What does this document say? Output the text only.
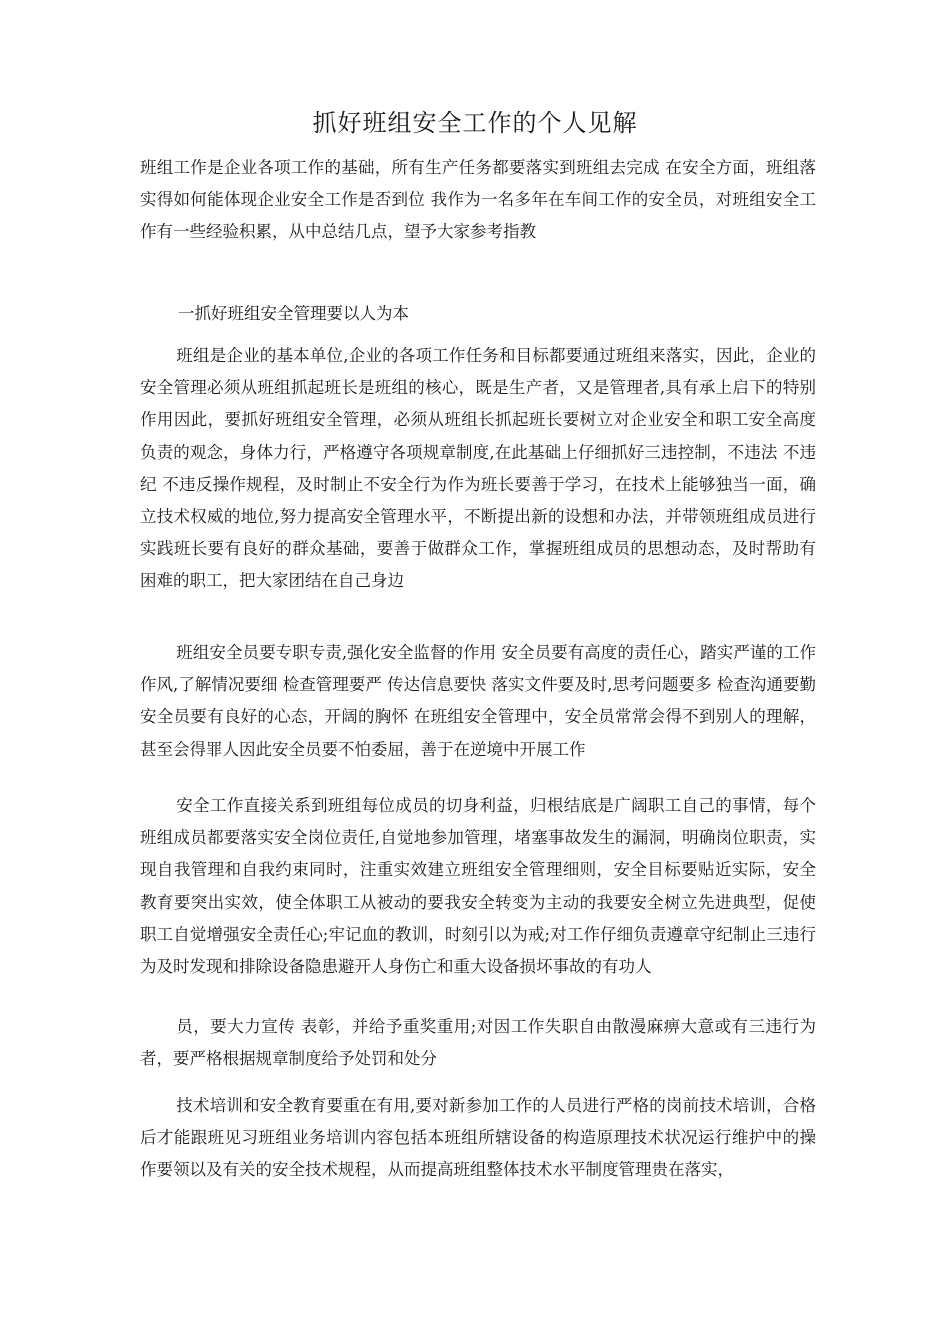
抓好班组安全工作的个人见解

班组工作是企业各项工作的基础，所有生产任务都要落实到班组去完成 在安全方面，班组落实得如何能体现企业安全工作是否到位 我作为一名多年在车间工作的安全员，对班组安全工作有一些经验积累，从中总结几点，望予大家参考指教

一抓好班组安全管理要以人为本

班组是企业的基本单位,企业的各项工作任务和目标都要通过班组来落实，因此，企业的安全管理必须从班组抓起班长是班组的核心，既是生产者，又是管理者,具有承上启下的特别作用因此，要抓好班组安全管理，必须从班组长抓起班长要树立对企业安全和职工安全高度负责的观念，身体力行，严格遵守各项规章制度,在此基础上仔细抓好三违控制，不违法 不违纪 不违反操作规程，及时制止不安全行为作为班长要善于学习，在技术上能够独当一面，确立技术权威的地位,努力提高安全管理水平，不断提出新的设想和办法，并带领班组成员进行实践班长要有良好的群众基础，要善于做群众工作，掌握班组成员的思想动态，及时帮助有困难的职工，把大家团结在自己身边

班组安全员要专职专责,强化安全监督的作用 安全员要有高度的责任心，踏实严谨的工作作风,了解情况要细 检查管理要严 传达信息要快 落实文件要及时,思考问题要多 检查沟通要勤 安全员要有良好的心态，开阔的胸怀 在班组安全管理中，安全员常常会得不到别人的理解，甚至会得罪人因此安全员要不怕委屈，善于在逆境中开展工作

安全工作直接关系到班组每位成员的切身利益，归根结底是广阔职工自己的事情，每个班组成员都要落实安全岗位责任,自觉地参加管理，堵塞事故发生的漏洞，明确岗位职责，实现自我管理和自我约束同时，注重实效建立班组安全管理细则，安全目标要贴近实际，安全教育要突出实效，使全体职工从被动的要我安全转变为主动的我要安全树立先进典型，促使职工自觉增强安全责任心;牢记血的教训，时刻引以为戒;对工作仔细负责遵章守纪制止三违行为及时发现和排除设备隐患避开人身伤亡和重大设备损坏事故的有功人

员，要大力宣传 表彰，并给予重奖重用;对因工作失职自由散漫麻痹大意或有三违行为者，要严格根据规章制度给予处罚和处分

技术培训和安全教育要重在有用,要对新参加工作的人员进行严格的岗前技术培训，合格后才能跟班见习班组业务培训内容包括本班组所辖设备的构造原理技术状况运行维护中的操作要领以及有关的安全技术规程，从而提高班组整体技术水平制度管理贵在落实，
